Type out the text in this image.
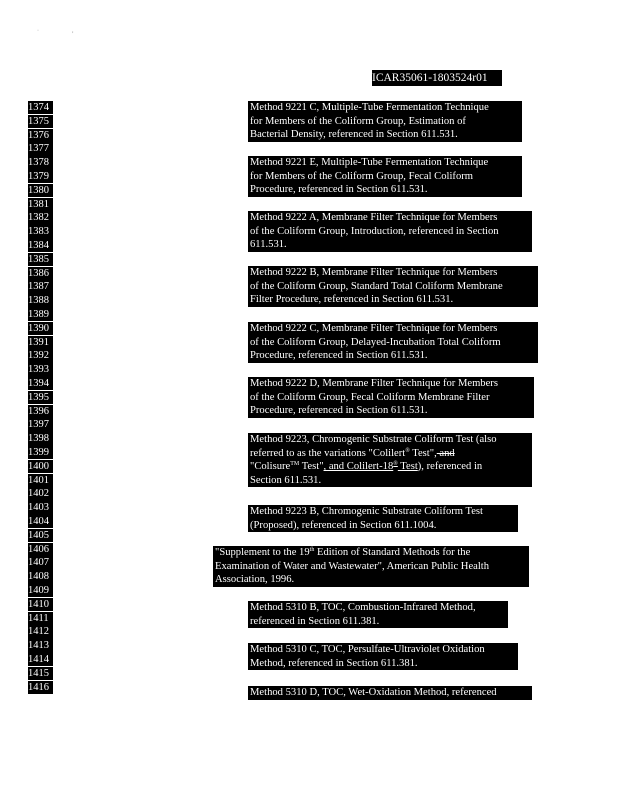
·	,
ICAR35061-1803524r01
1374
1375
1376
1377
1378
1379
1380
1381
1382
1383
1384
1385
1386
1387
1388
1389
1390
1391
1392
1393
1394
1395
1396
1397
1398
1399
1400
1401
1402
1403
1404
1405
1406
1407
1408
1409
1410
1411
1412
1413
1414
1415
1416
Method 9221 C, Multiple-Tube Fermentation Technique
for Members of the Coliform Group, Estimation of
Bacterial Density, referenced in Section 611.531.
Method 9221 E, Multiple-Tube Fermentation Technique
for Members of the Coliform Group, Fecal Coliform
Procedure, referenced in Section 611.531.
Method 9222 A, Membrane Filter Technique for Members
of the Coliform Group, Introduction, referenced in Section
611.531.
Method 9222 B, Membrane Filter Technique for Members
of the Coliform Group, Standard Total Coliform Membrane
Filter Procedure, referenced in Section 611.531.
Method 9222 C, Membrane Filter Technique for Members
of the Coliform Group, Delayed-Incubation Total Coliform
Procedure, referenced in Section 611.531.
Method 9222 D, Membrane Filter Technique for Members
of the Coliform Group, Fecal Coliform Membrane Filter
Procedure, referenced in Section 611.531.
Method 9223, Chromogenic Substrate Coliform Test (also
referred to as the variations "Colilert® Test", and
"Colisure™ Test", and Colilert-18® Test), referenced in
Section 611.531.
Method 9223 B, Chromogenic Substrate Coliform Test
(Proposed), referenced in Section 611.1004.
"Supplement to the 19th Edition of Standard Methods for the
Examination of Water and Wastewater", American Public Health
Association, 1996.
Method 5310 B, TOC, Combustion-Infrared Method,
referenced in Section 611.381.
Method 5310 C, TOC, Persulfate-Ultraviolet Oxidation
Method, referenced in Section 611.381.
Method 5310 D, TOC, Wet-Oxidation Method, referenced
